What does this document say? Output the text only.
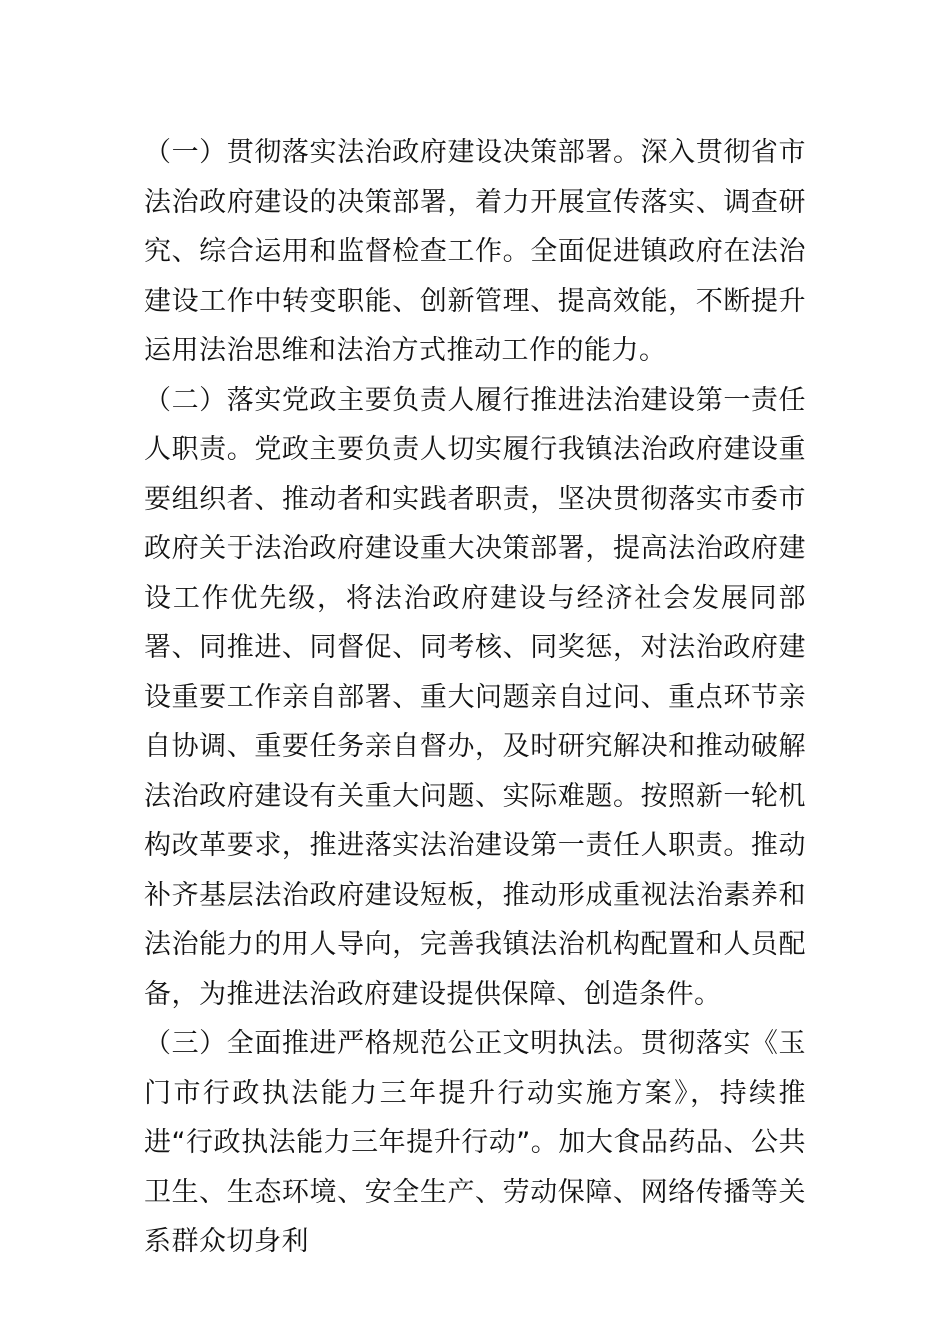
（一）贯彻落实法治政府建设决策部署。深入贯彻省市法治政府建设的决策部署，着力开展宣传落实、调查研究、综合运用和监督检查工作。全面促进镇政府在法治建设工作中转变职能、创新管理、提高效能，不断提升运用法治思维和法治方式推动工作的能力。

（二）落实党政主要负责人履行推进法治建设第一责任人职责。党政主要负责人切实履行我镇法治政府建设重要组织者、推动者和实践者职责，坚决贯彻落实市委市政府关于法治政府建设重大决策部署，提高法治政府建设工作优先级，将法治政府建设与经济社会发展同部署、同推进、同督促、同考核、同奖惩，对法治政府建设重要工作亲自部署、重大问题亲自过问、重点环节亲自协调、重要任务亲自督办，及时研究解决和推动破解法治政府建设有关重大问题、实际难题。按照新一轮机构改革要求，推进落实法治建设第一责任人职责。推动补齐基层法治政府建设短板，推动形成重视法治素养和法治能力的用人导向，完善我镇法治机构配置和人员配备，为推进法治政府建设提供保障、创造条件。

（三）全面推进严格规范公正文明执法。贯彻落实《玉门市行政执法能力三年提升行动实施方案》，持续推进“行政执法能力三年提升行动”。加大食品药品、公共卫生、生态环境、安全生产、劳动保障、网络传播等关系群众切身利
